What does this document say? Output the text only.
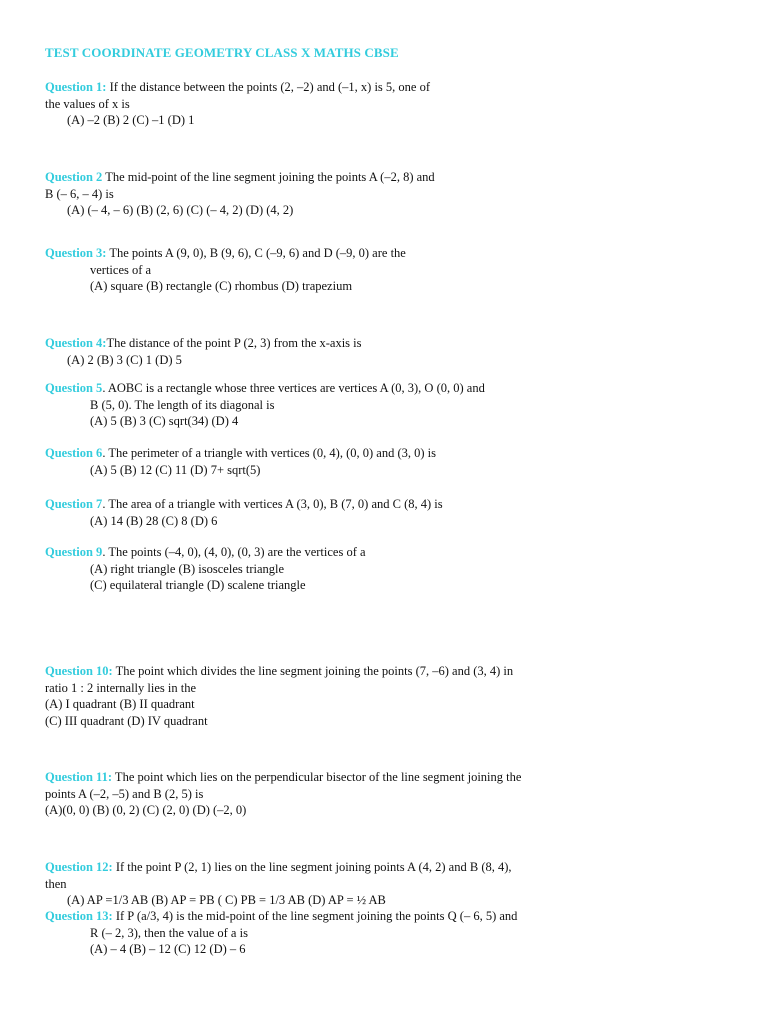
TEST COORDINATE GEOMETRY CLASS X MATHS CBSE
Question 1: If the distance between the points (2, –2) and (–1, x) is 5, one of
the values of x is
(A) –2 (B) 2 (C) –1 (D) 1
Question 2 The mid-point of the line segment joining the points A (–2, 8) and
B (– 6, – 4) is
(A) (– 4, – 6) (B) (2, 6) (C) (– 4, 2) (D) (4, 2)
Question 3: The points A (9, 0), B (9, 6), C (–9, 6) and D (–9, 0) are the
vertices of a
(A) square (B) rectangle (C) rhombus (D) trapezium
Question 4:The distance of the point P (2, 3) from the x-axis is
(A) 2 (B) 3 (C) 1 (D) 5
Question 5. AOBC is a rectangle whose three vertices are vertices A (0, 3), O (0, 0) and
B (5, 0). The length of its diagonal is
(A) 5 (B) 3 (C) sqrt(34) (D) 4
Question 6. The perimeter of a triangle with vertices (0, 4), (0, 0) and (3, 0) is
(A) 5 (B) 12 (C) 11 (D) 7+ sqrt(5)
Question 7. The area of a triangle with vertices A (3, 0), B (7, 0) and C (8, 4) is
(A) 14 (B) 28 (C) 8 (D) 6
Question 9. The points (–4, 0), (4, 0), (0, 3) are the vertices of a
(A) right triangle (B) isosceles triangle
(C) equilateral triangle (D) scalene triangle
Question 10: The point which divides the line segment joining the points (7, –6) and (3, 4) in
ratio 1 : 2 internally lies in the
(A) I quadrant (B) II quadrant
(C) III quadrant (D) IV quadrant
Question 11: The point which lies on the perpendicular bisector of the line segment joining the
points A (–2, –5) and B (2, 5) is
(A)(0, 0) (B) (0, 2) (C) (2, 0) (D) (–2, 0)
Question 12: If the point P (2, 1) lies on the line segment joining points A (4, 2) and B (8, 4),
then
(A) AP =1/3 AB (B) AP = PB ( C) PB = 1/3 AB (D) AP = ½ AB
Question 13: If P (a/3, 4) is the mid-point of the line segment joining the points Q (– 6, 5) and
R (– 2, 3), then the value of a is
(A) – 4 (B) – 12 (C) 12 (D) – 6
